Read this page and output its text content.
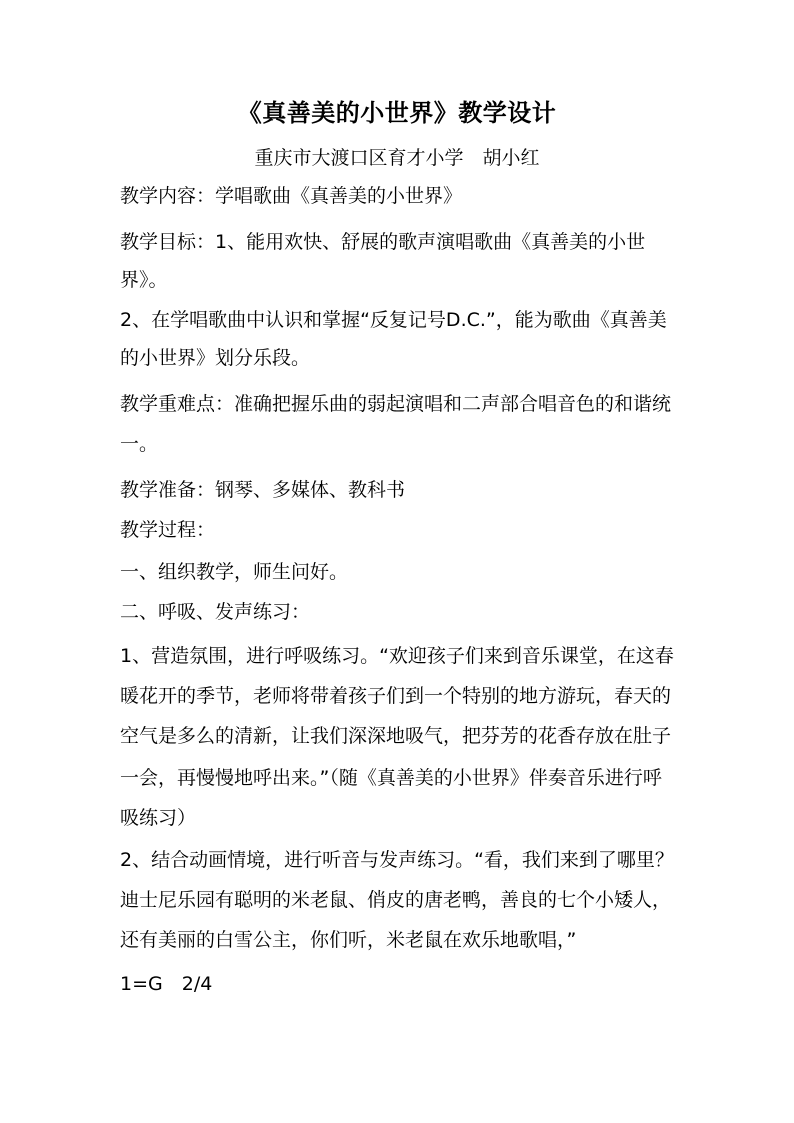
《真善美的小世界》教学设计
重庆市大渡口区育才小学　胡小红
教学内容：学唱歌曲《真善美的小世界》
教学目标：1、能用欢快、舒展的歌声演唱歌曲《真善美的小世
界》。
2、在学唱歌曲中认识和掌握“反复记号D.C.”，能为歌曲《真善美
的小世界》划分乐段。
教学重难点：准确把握乐曲的弱起演唱和二声部合唱音色的和谐统
一。
教学准备：钢琴、多媒体、教科书
教学过程：
一、组织教学，师生问好。
二、呼吸、发声练习：
1、营造氛围，进行呼吸练习。“欢迎孩子们来到音乐课堂，在这春
暖花开的季节，老师将带着孩子们到一个特别的地方游玩，春天的
空气是多么的清新，让我们深深地吸气，把芬芳的花香存放在肚子
一会，再慢慢地呼出来。”（随《真善美的小世界》伴奏音乐进行呼
吸练习）
2、结合动画情境，进行听音与发声练习。“看，我们来到了哪里？
迪士尼乐园有聪明的米老鼠、俏皮的唐老鸭，善良的七个小矮人，
还有美丽的白雪公主，你们听，米老鼠在欢乐地歌唱，”
1=G　2/4
